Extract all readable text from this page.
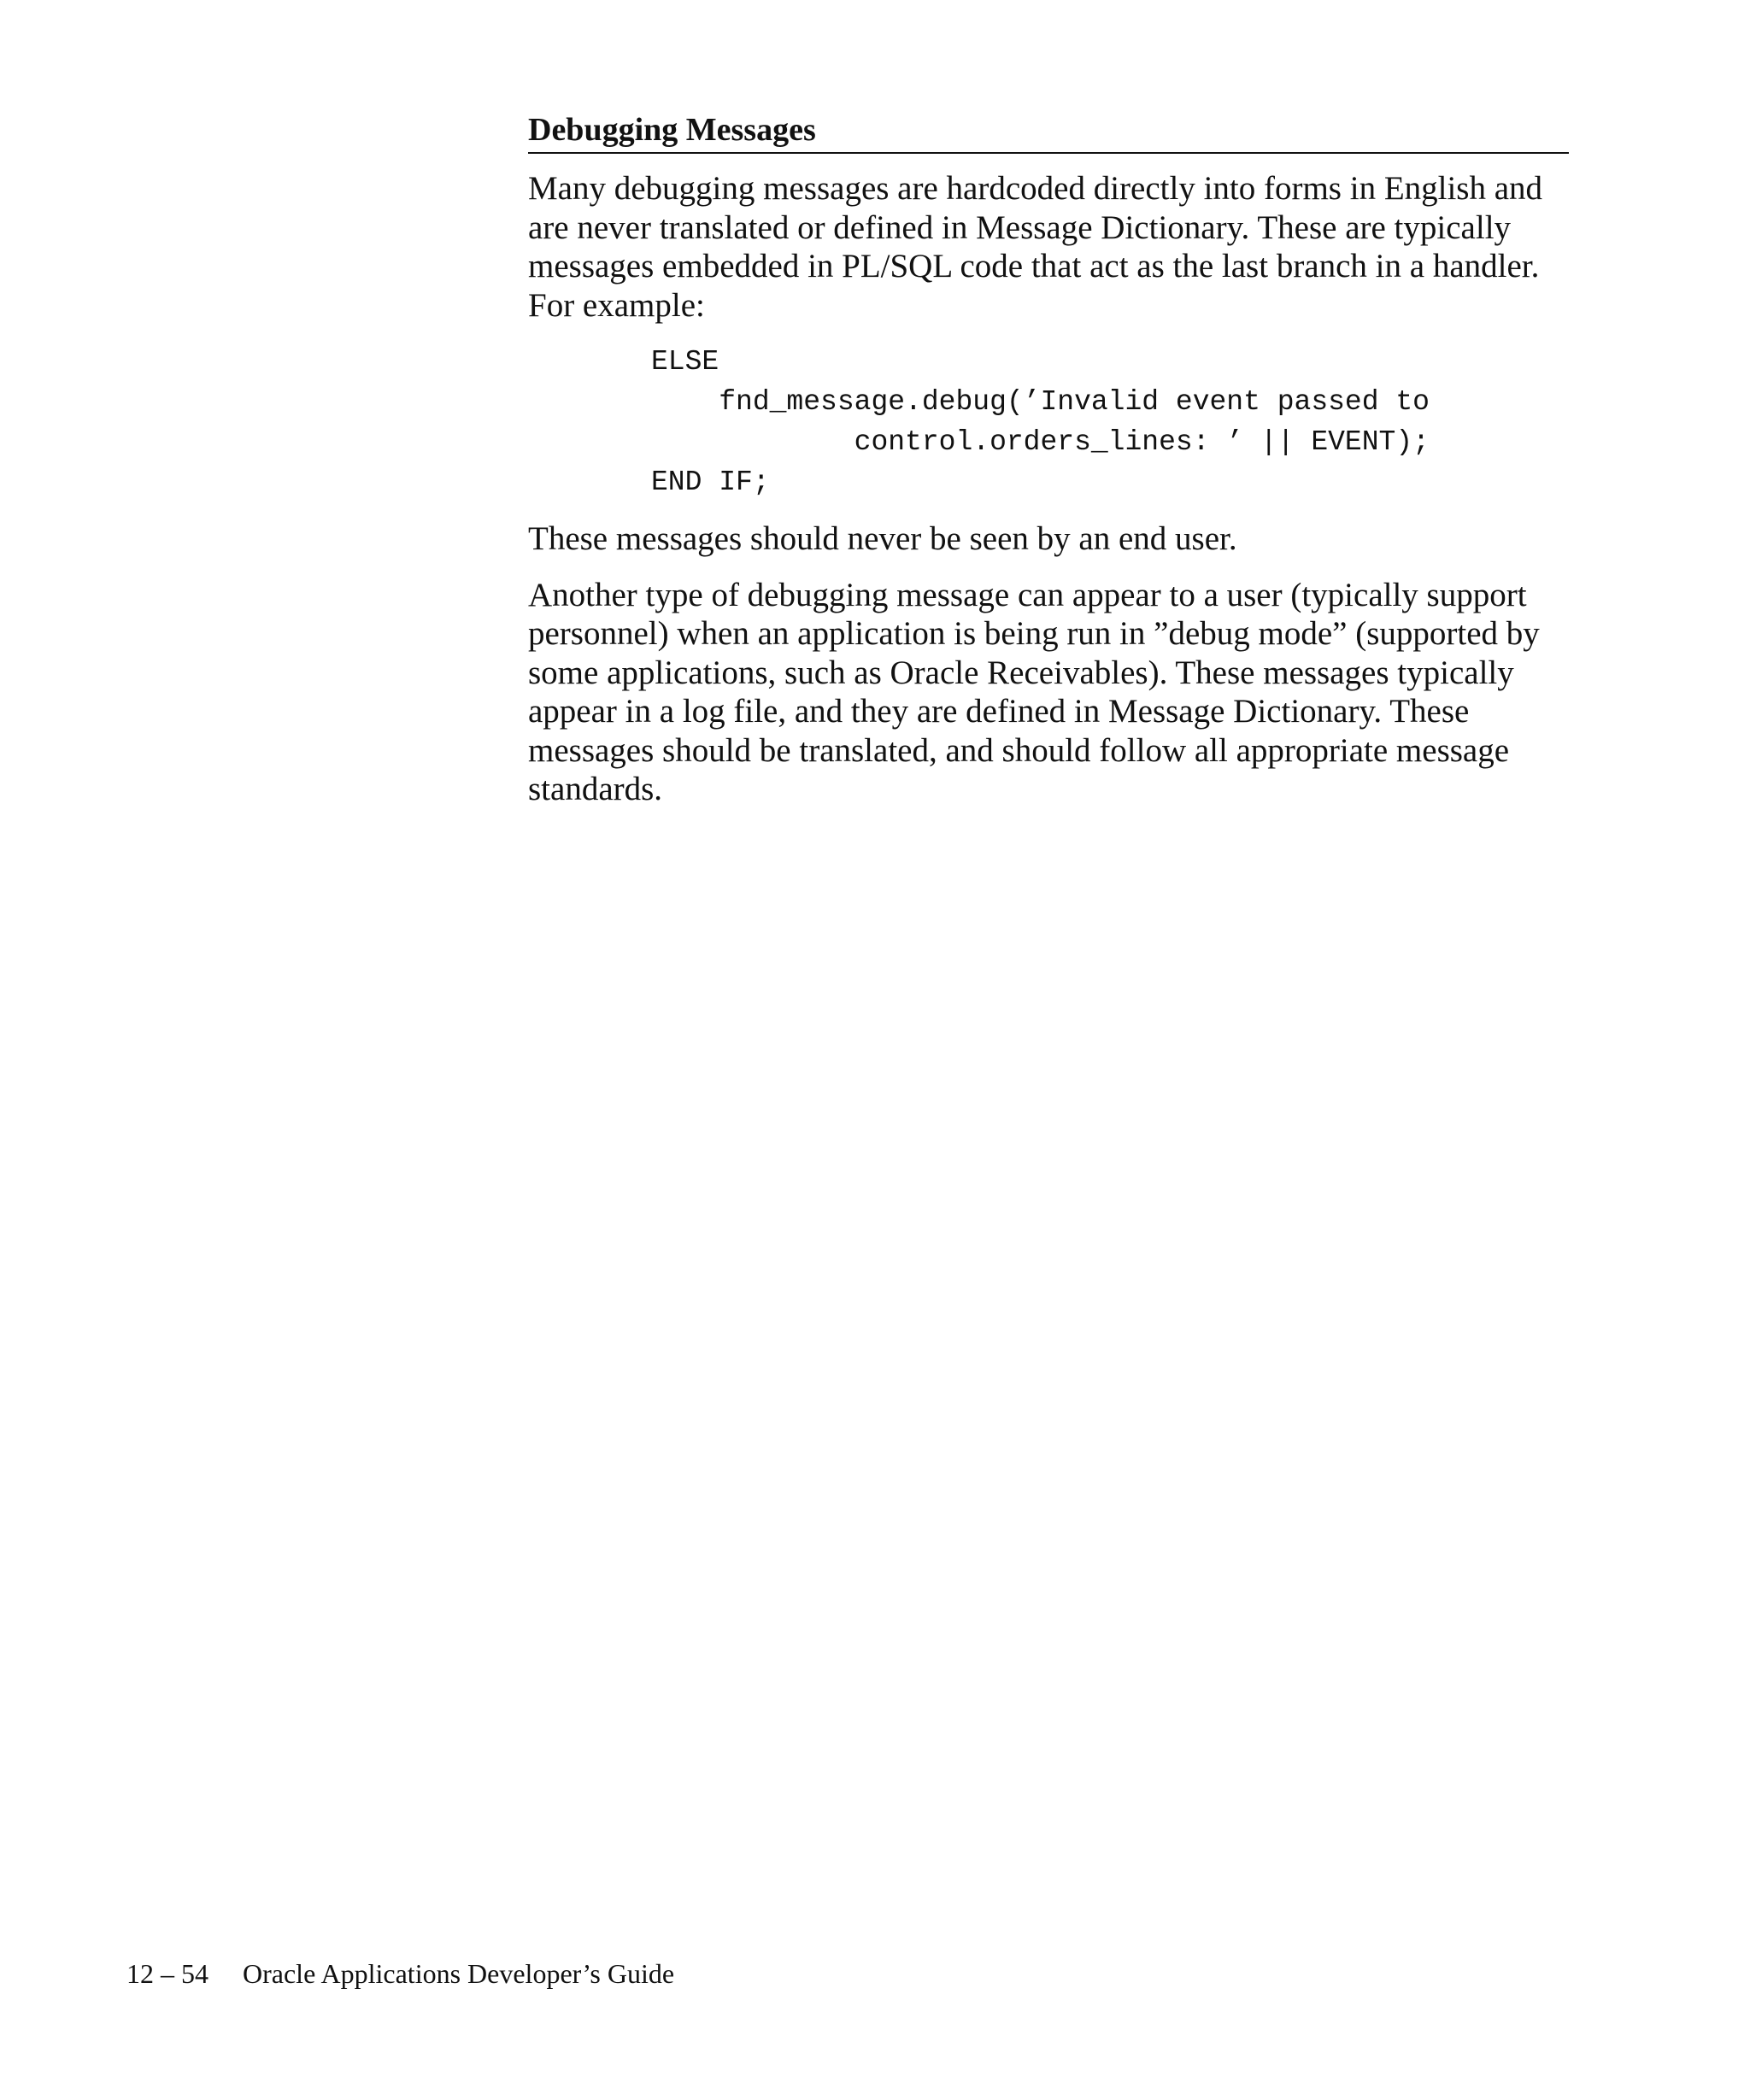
Debugging Messages

Many debugging messages are hardcoded directly into forms in English and are never translated or defined in Message Dictionary. These are typically messages embedded in PL/SQL code that act as the last branch in a handler. For example:

ELSE
fnd_message.debug(’Invalid event passed to
control.orders_lines: ’ || EVENT);
END IF;

These messages should never be seen by an end user.

Another type of debugging message can appear to a user (typically support personnel) when an application is being run in ”debug mode” (supported by some applications, such as Oracle Receivables). These messages typically appear in a log file, and they are defined in Message Dictionary. These messages should be translated, and should follow all appropriate message standards.

12 – 54 Oracle Applications Developer’s Guide
